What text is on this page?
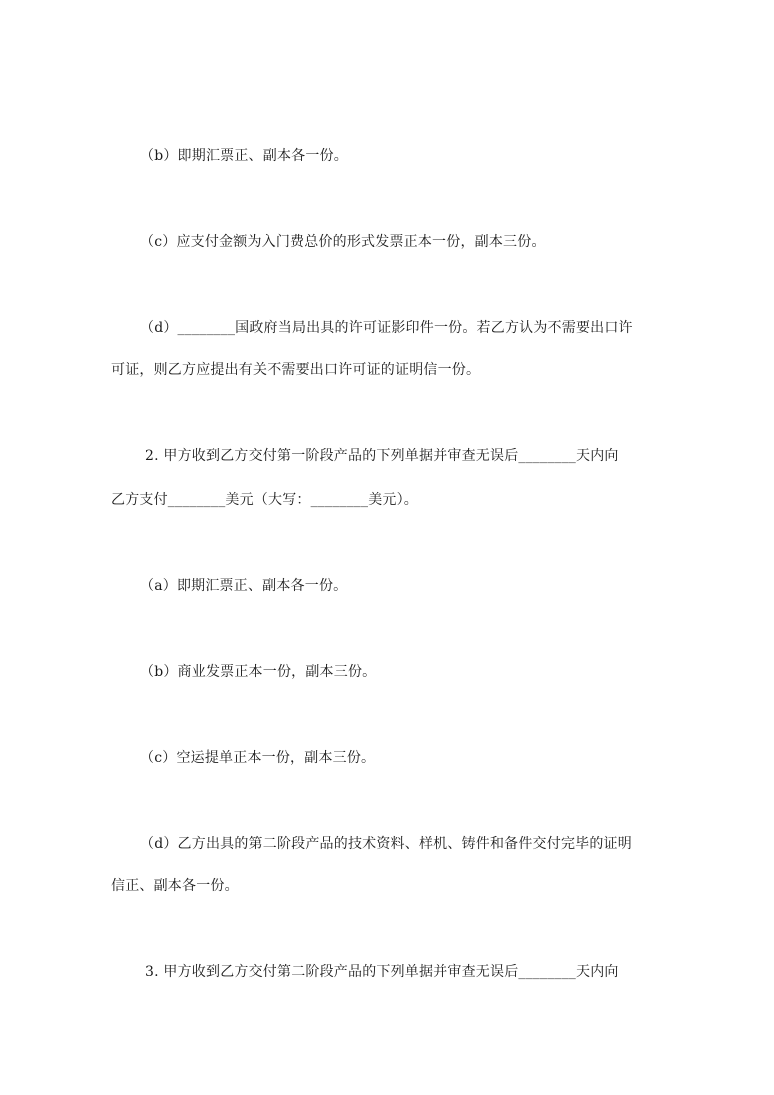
（b）即期汇票正、副本各一份。
（c）应支付金额为入门费总价的形式发票正本一份，副本三份。
（d）________国政府当局出具的许可证影印件一份。若乙方认为不需要出口许
可证，则乙方应提出有关不需要出口许可证的证明信一份。
2. 甲方收到乙方交付第一阶段产品的下列单据并审查无误后________天内向
乙方支付________美元（大写：________美元）。
（a）即期汇票正、副本各一份。
（b）商业发票正本一份，副本三份。
（c）空运提单正本一份，副本三份。
（d）乙方出具的第二阶段产品的技术资料、样机、铸件和备件交付完毕的证明
信正、副本各一份。
3. 甲方收到乙方交付第二阶段产品的下列单据并审查无误后________天内向
